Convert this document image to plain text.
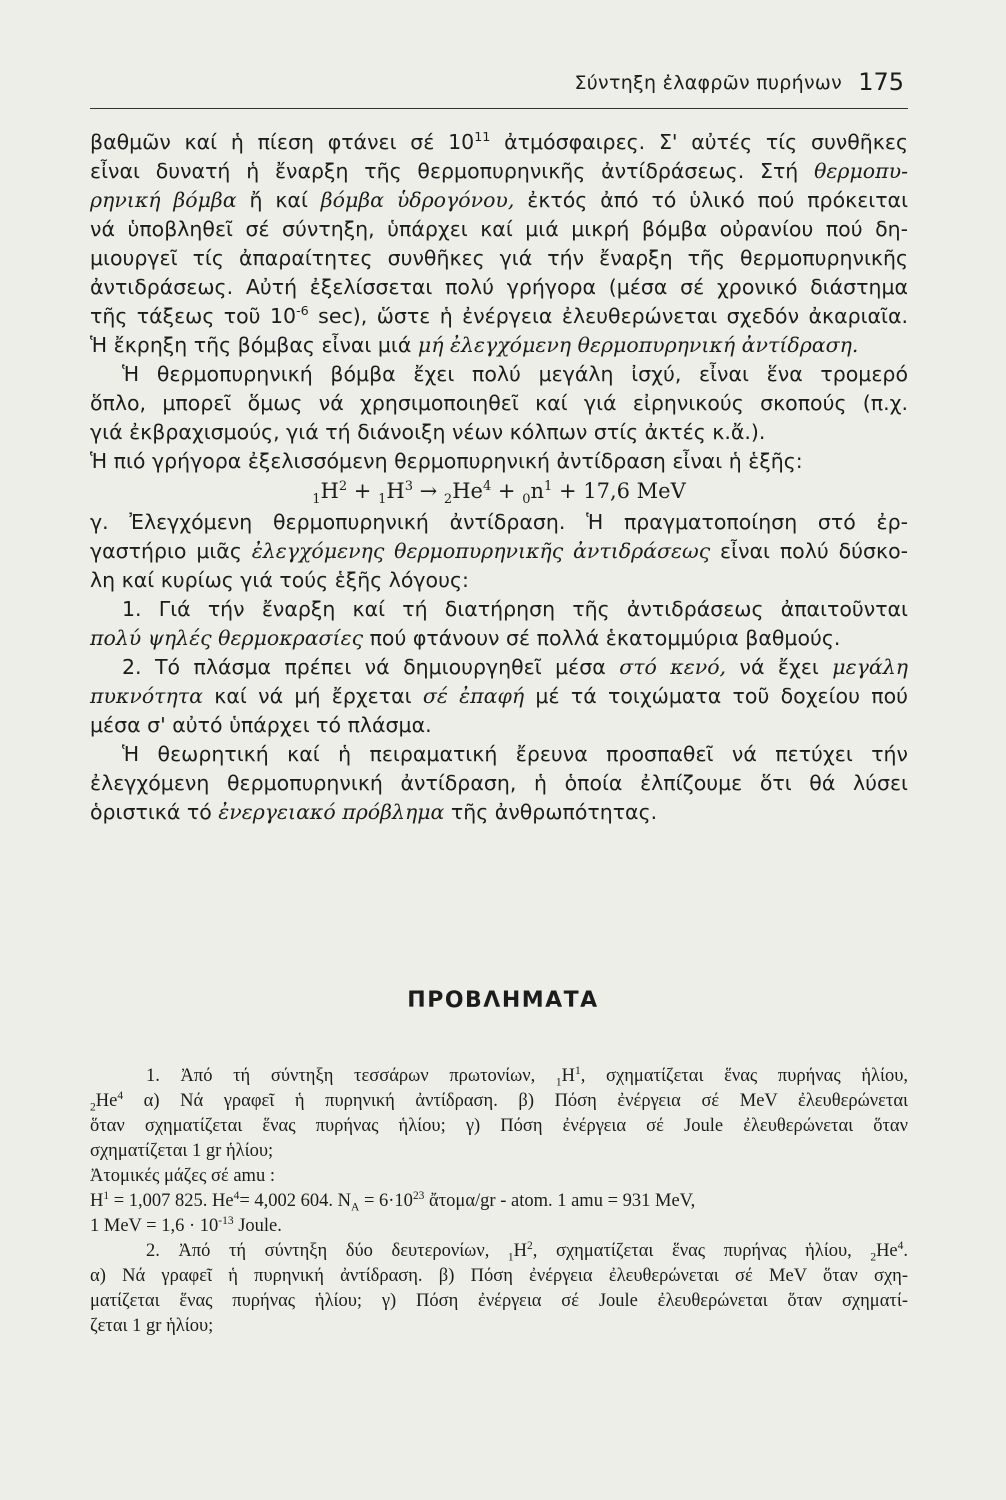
Σύντηξη ἐλαφρῶν πυρήνων 175
βαθμῶν καί ἡ πίεση φτάνει σέ $10^{11}$ ἀτμόσφαιρες. Σ' αὐτές τίς συνθῆκες
εἶναι δυνατή ἡ ἔναρξη τῆς θερμοπυρηνικῆς ἀντίδράσεως. Στή θερμοπυ-
ρηνική βόμβα ἤ καί βόμβα ὑδρογόνου, ἐκτός ἀπό τό ὑλικό πού πρόκειται
νά ὑποβληθεῖ σέ σύντηξη, ὑπάρχει καί μιά μικρή βόμβα οὐρανίου πού δη-
μιουργεῖ τίς ἀπαραίτητες συνθῆκες γιά τήν ἔναρξη τῆς θερμοπυρηνικῆς
ἀντιδράσεως. Αὐτή ἐξελίσσεται πολύ γρήγορα (μέσα σέ χρονικό διάστημα
τῆς τάξεως τοῦ $10^{-6}$ sec), ὥστε ἡ ἐνέργεια ἐλευθερώνεται σχεδόν ἀκαριαῖα.
Ἡ ἔκρηξη τῆς βόμβας εἶναι μιά μή ἐλεγχόμενη θερμοπυρηνική ἀντίδραση.
Ἡ θερμοπυρηνική βόμβα ἔχει πολύ μεγάλη ἰσχύ, εἶναι ἕνα τρομερό
ὅπλο, μπορεῖ ὅμως νά χρησιμοποιηθεῖ καί γιά εἰρηνικούς σκοπούς (π.χ.
γιά ἐκβραχισμούς, γιά τή διάνοιξη νέων κόλπων στίς ἀκτές κ.ἄ.).
Ἡ πιό γρήγορα ἐξελισσόμενη θερμοπυρηνική ἀντίδραση εἶναι ἡ ἑξῆς:
$_1H^2 + _1H^3 \to _2He^4 + _0n^1 + 17,6$ MeV
γ. Ἐλεγχόμενη θερμοπυρηνική ἀντίδραση. Ἡ πραγματοποίηση στό ἐρ-
γαστήριο μιᾶς ἐλεγχόμενης θερμοπυρηνικῆς ἀντιδράσεως εἶναι πολύ δύσκο-
λη καί κυρίως γιά τούς ἑξῆς λόγους:
1. Γιά τήν ἔναρξη καί τή διατήρηση τῆς ἀντιδράσεως ἀπαιτοῦνται
πολύ ψηλές θερμοκρασίες πού φτάνουν σέ πολλά ἑκατομμύρια βαθμούς.
2. Τό πλάσμα πρέπει νά δημιουργηθεῖ μέσα στό κενό, νά ἔχει μεγάλη
πυκνότητα καί νά μή ἔρχεται σέ ἐπαφή μέ τά τοιχώματα τοῦ δοχείου πού
μέσα σ' αὐτό ὑπάρχει τό πλάσμα.
Ἡ θεωρητική καί ἡ πειραματική ἔρευνα προσπαθεῖ νά πετύχει τήν
ἐλεγχόμενη θερμοπυρηνική ἀντίδραση, ἡ ὁποία ἐλπίζουμε ὅτι θά λύσει
ὁριστικά τό ἐνεργειακό πρόβλημα τῆς ἀνθρωπότητας.
ΠΡΟΒΛΗΜΑΤΑ
1. Ἀπό τή σύντηξη τεσσάρων πρωτονίων, $_1H^1$, σχηματίζεται ἕνας πυρήνας ἡλίου,
$_2He^4$ α) Νά γραφεῖ ἡ πυρηνική ἀντίδραση. β) Πόση ἐνέργεια σέ MeV ἐλευθερώνεται
ὅταν σχηματίζεται ἕνας πυρήνας ἡλίου; γ) Πόση ἐνέργεια σέ Joule ἐλευθερώνεται ὅταν
σχηματίζεται 1 gr ἡλίου;
Ἀτομικές μάζες σέ amu :
$H^1 = 1,007$ 825. $He^4= 4,002$ 604. $N_A = 6\cdot 10^{23}$ ἄτομα/gr - atom. 1 amu = 931 MeV,
1 MeV = $1,6 \cdot 10^{-13}$ Joule.
2. Ἀπό τή σύντηξη δύο δευτερονίων, $_1H^2$, σχηματίζεται ἕνας πυρήνας ἡλίου, $_2He^4$.
α) Νά γραφεῖ ἡ πυρηνική ἀντίδραση. β) Πόση ἐνέργεια ἐλευθερώνεται σέ MeV ὅταν σχη-
ματίζεται ἕνας πυρήνας ἡλίου; γ) Πόση ἐνέργεια σέ Joule ἐλευθερώνεται ὅταν σχηματί-
ζεται 1 gr ἡλίου;
